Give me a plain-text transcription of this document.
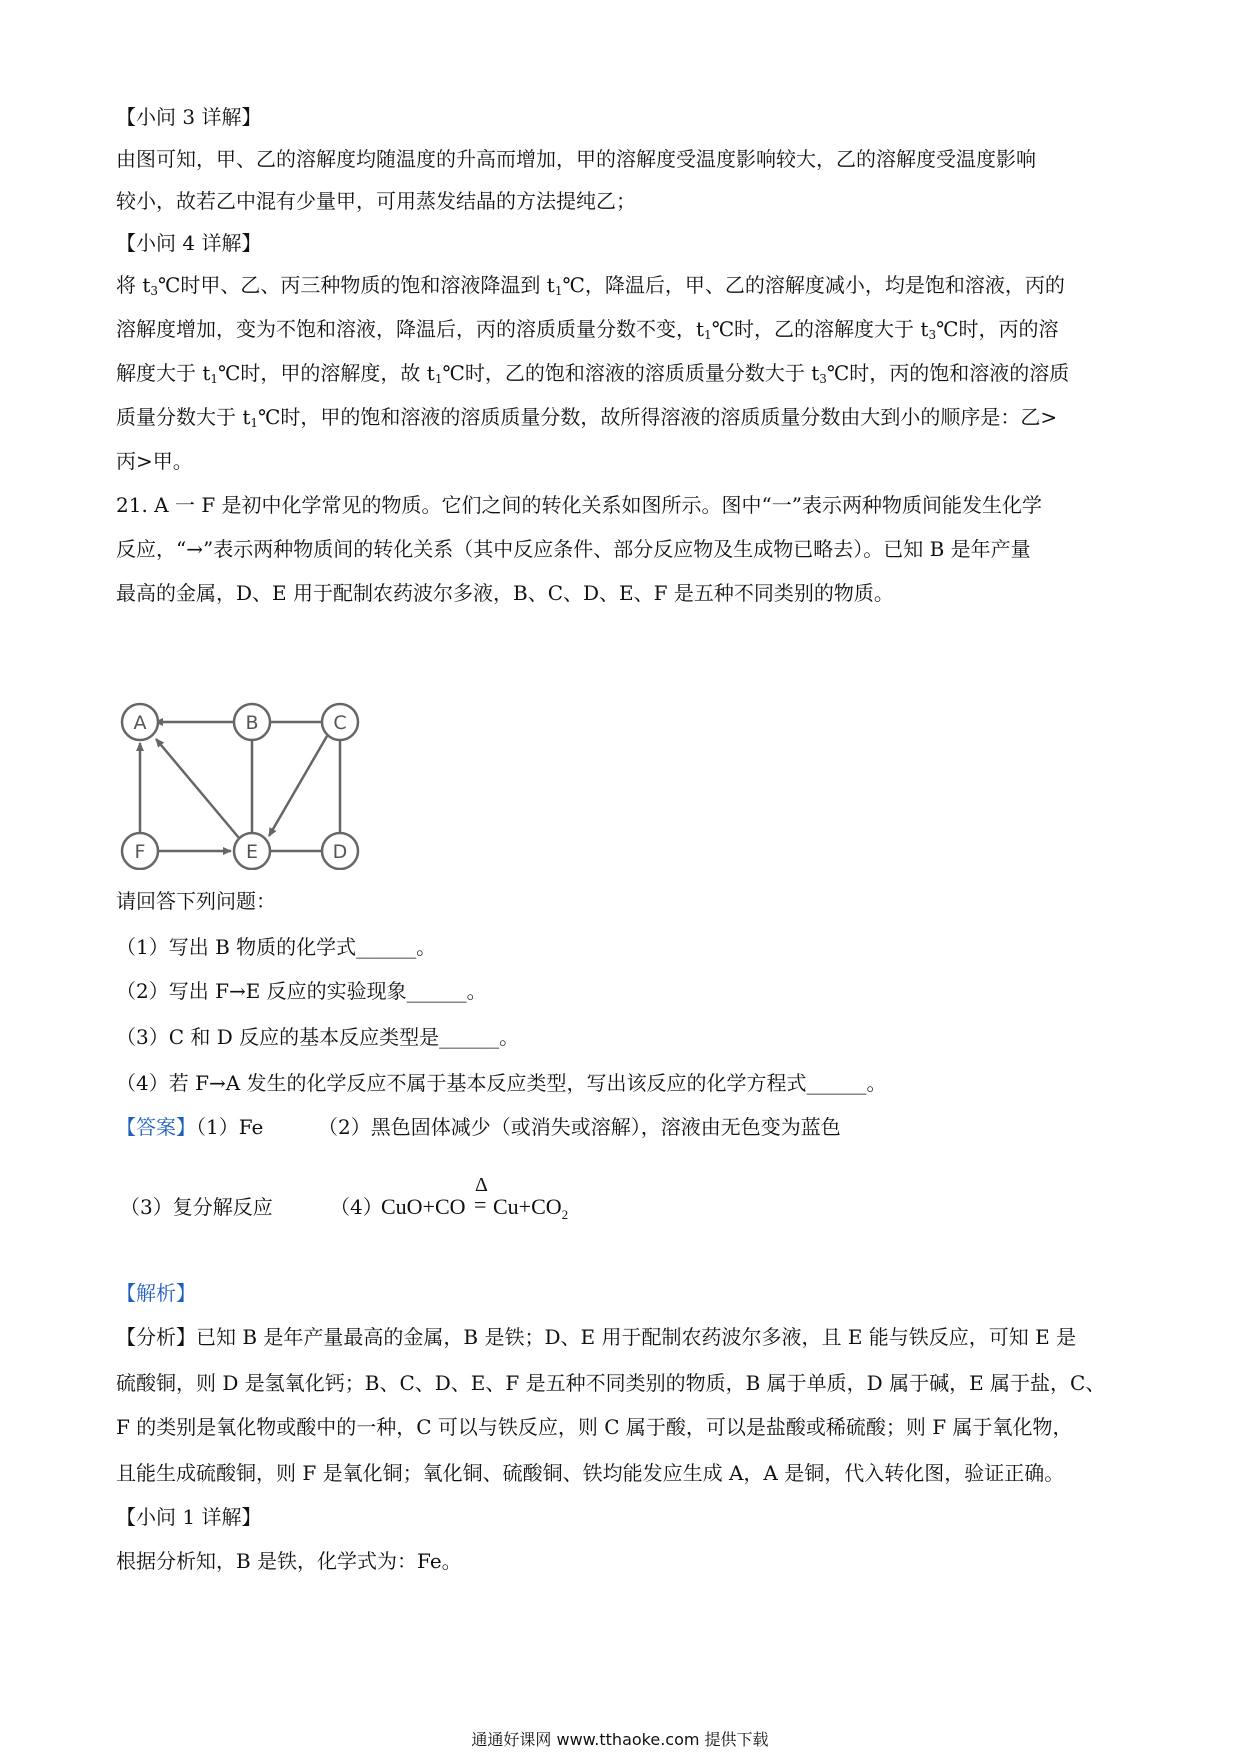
【小问 3 详解】
由图可知，甲、乙的溶解度均随温度的升高而增加，甲的溶解度受温度影响较大，乙的溶解度受温度影响
较小，故若乙中混有少量甲，可用蒸发结晶的方法提纯乙；
【小问 4 详解】
将 $t_3℃$时甲、乙、丙三种物质的饱和溶液降温到 $t_1℃$，降温后，甲、乙的溶解度减小，均是饱和溶液，丙的
溶解度增加，变为不饱和溶液，降温后，丙的溶质质量分数不变，$t_1℃$时，乙的溶解度大于 $t_3℃$时，丙的溶
解度大于 $t_1℃$时，甲的溶解度，故 $t_1℃$时，乙的饱和溶液的溶质质量分数大于 $t_3℃$时，丙的饱和溶液的溶质
质量分数大于 $t_1℃$时，甲的饱和溶液的溶质质量分数，故所得溶液的溶质质量分数由大到小的顺序是：乙>
丙>甲。
21. A 一 F 是初中化学常见的物质。它们之间的转化关系如图所示。图中“一”表示两种物质间能发生化学
反应，“→”表示两种物质间的转化关系（其中反应条件、部分反应物及生成物已略去）。已知 B 是年产量
最高的金属，D、E 用于配制农药波尔多液，B、C、D、E、F 是五种不同类别的物质。
A	B	C
F	E	D
请回答下列问题：
（1）写出 B 物质的化学式______。
（2）写出 F→E 反应的实验现象______。
（3）C 和 D 反应的基本反应类型是______。
（4）若 F→A 发生的化学反应不属于基本反应类型，写出该反应的化学方程式______。
【答案】（1）Fe	（2）黑色固体减少（或消失或溶解），溶液由无色变为蓝色
（3）复分解反应	（4）
CuO+CO
Δ
= $Cu+CO_2$
【解析】
【分析】已知 B 是年产量最高的金属，B 是铁；D、E 用于配制农药波尔多液，且 E 能与铁反应，可知 E 是
硫酸铜，则 D 是氢氧化钙；B、C、D、E、F 是五种不同类别的物质，B 属于单质，D 属于碱，E 属于盐，C、
F 的类别是氧化物或酸中的一种，C 可以与铁反应，则 C 属于酸，可以是盐酸或稀硫酸；则 F 属于氧化物，
且能生成硫酸铜，则 F 是氧化铜；氧化铜、硫酸铜、铁均能发应生成 A，A 是铜，代入转化图，验证正确。
【小问 1 详解】
根据分析知，B 是铁，化学式为：Fe。
通通好课网 www.tthaoke.com 提供下载
